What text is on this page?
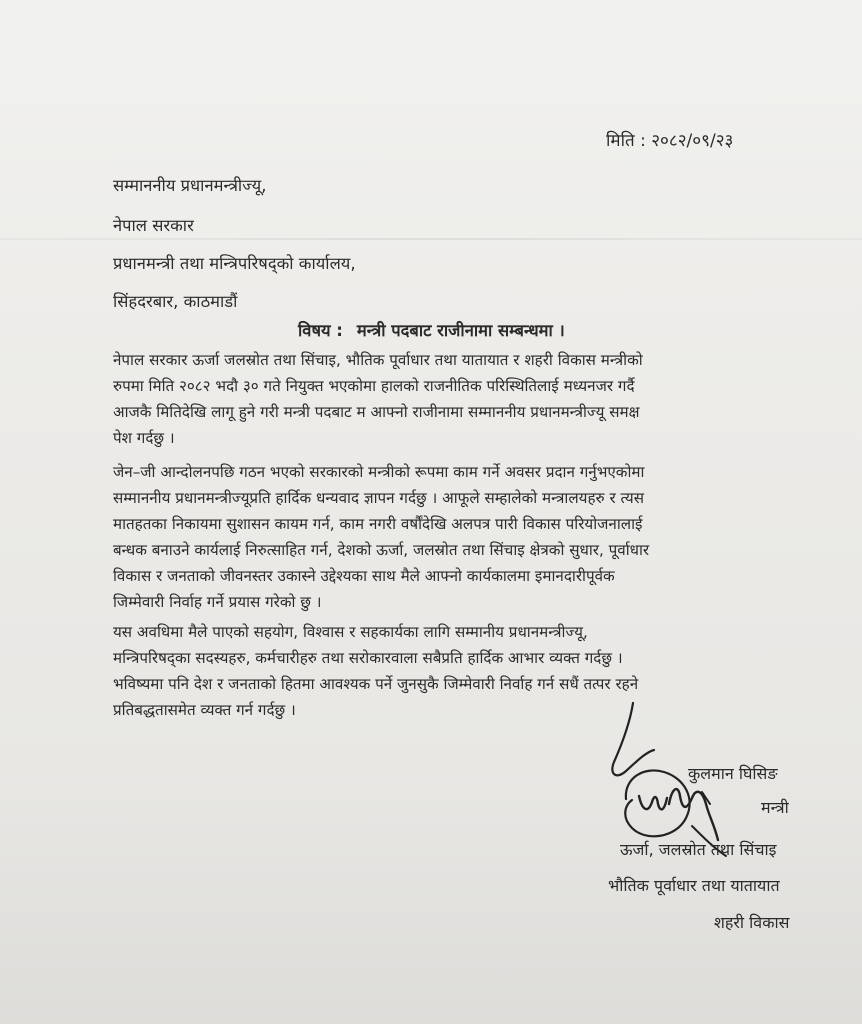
मिति : २०८२/०९/२३
सम्माननीय प्रधानमन्त्रीज्यू,
नेपाल सरकार
प्रधानमन्त्री तथा मन्त्रिपरिषद्को कार्यालय,
सिंहदरबार, काठमाडौं
विषय : मन्त्री पदबाट राजीनामा सम्बन्धमा ।
नेपाल सरकार ऊर्जा जलस्रोत तथा सिंचाइ, भौतिक पूर्वाधार तथा यातायात र शहरी विकास मन्त्रीको
रुपमा मिति २०८२ भदौ ३० गते नियुक्त भएकोमा हालको राजनीतिक परिस्थितिलाई मध्यनजर गर्दै
आजकै मितिदेखि लागू हुने गरी मन्त्री पदबाट म आफ्नो राजीनामा सम्माननीय प्रधानमन्त्रीज्यू समक्ष
पेश गर्दछु ।
जेन–जी आन्दोलनपछि गठन भएको सरकारको मन्त्रीको रूपमा काम गर्ने अवसर प्रदान गर्नुभएकोमा
सम्माननीय प्रधानमन्त्रीज्यूप्रति हार्दिक धन्यवाद ज्ञापन गर्दछु । आफूले सम्हालेको मन्त्रालयहरु र त्यस
मातहतका निकायमा सुशासन कायम गर्न, काम नगरी वर्षौंदेखि अलपत्र पारी विकास परियोजनालाई
बन्धक बनाउने कार्यलाई निरुत्साहित गर्न, देशको ऊर्जा, जलस्रोत तथा सिंचाइ क्षेत्रको सुधार, पूर्वाधार
विकास र जनताको जीवनस्तर उकास्ने उद्देश्यका साथ मैले आफ्नो कार्यकालमा इमानदारीपूर्वक
जिम्मेवारी निर्वाह गर्ने प्रयास गरेको छु ।
यस अवधिमा मैले पाएको सहयोग, विश्वास र सहकार्यका लागि सम्मानीय प्रधानमन्त्रीज्यू,
मन्त्रिपरिषद्का सदस्यहरु, कर्मचारीहरु तथा सरोकारवाला सबैप्रति हार्दिक आभार व्यक्त गर्दछु ।
भविष्यमा पनि देश र जनताको हितमा आवश्यक पर्ने जुनसुकै जिम्मेवारी निर्वाह गर्न सधैं तत्पर रहने
प्रतिबद्धतासमेत व्यक्त गर्न गर्दछु ।
कुलमान घिसिङ
मन्त्री
ऊर्जा, जलस्रोत तथा सिंचाइ
भौतिक पूर्वाधार तथा यातायात
शहरी विकास
